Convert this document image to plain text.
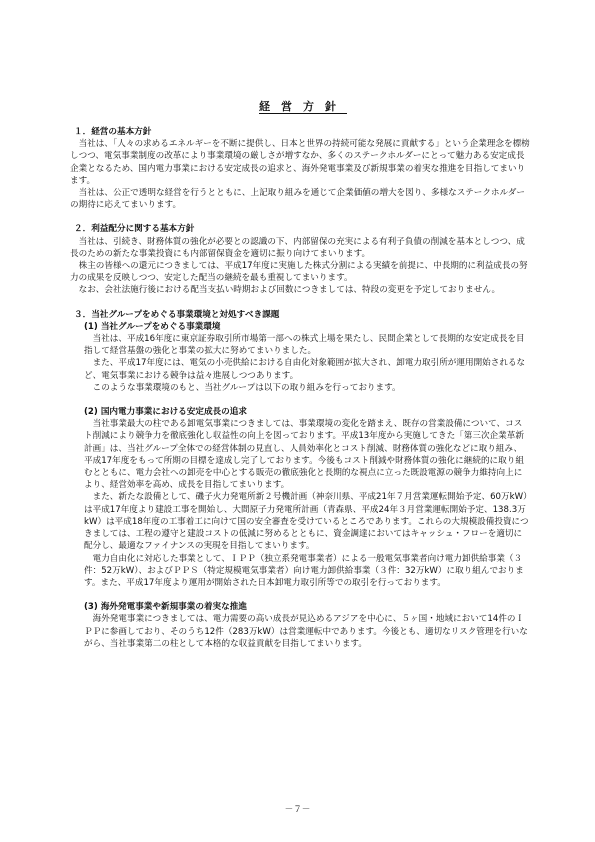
経営方針

１．経営の基本方針

当社は、「人々の求めるエネルギーを不断に提供し、日本と世界の持続可能な発展に貢献する」という企業理念を標榜しつつ、電気事業制度の改革により事業環境の厳しさが増すなか、多くのステークホルダーにとって魅力ある安定成長企業となるため、国内電力事業における安定成長の追求と、海外発電事業及び新規事業の着実な推進を目指してまいります。

当社は、公正で透明な経営を行うとともに、上記取り組みを通じて企業価値の増大を図り、多様なステークホルダーの期待に応えてまいります。

２．利益配分に関する基本方針

当社は、引続き、財務体質の強化が必要との認識の下、内部留保の充実による有利子負債の削減を基本としつつ、成長のための新たな事業投資にも内部留保資金を適切に振り向けてまいります。

株主の皆様への還元につきましては、平成17年度に実施した株式分割による実績を前提に、中長期的に利益成長の努力の成果を反映しつつ、安定した配当の継続を最も重視してまいります。

なお、会社法施行後における配当支払い時期および回数につきましては、特段の変更を予定しておりません。

３．当社グループをめぐる事業環境と対処すべき課題

(1) 当社グループをめぐる事業環境

当社は、平成16年度に東京証券取引所市場第一部への株式上場を果たし、民間企業として長期的な安定成長を目指して経営基盤の強化と事業の拡大に努めてまいりました。

また、平成17年度には、電気の小売供給における自由化対象範囲が拡大され、卸電力取引所が運用開始されるなど、電気事業における競争は益々進展しつつあります。

このような事業環境のもと、当社グループは以下の取り組みを行っております。

(2) 国内電力事業における安定成長の追求

当社事業最大の柱である卸電気事業につきましては、事業環境の変化を踏まえ、既存の営業設備について、コスト削減により競争力を徹底強化し収益性の向上を図っております。平成13年度から実施してきた「第三次企業革新計画」は、当社グループ全体での経営体制の見直し、人員効率化とコスト削減、財務体質の強化などに取り組み、平成17年度をもって所期の目標を達成し完了しております。今後もコスト削減や財務体質の強化に継続的に取り組むとともに、電力会社への卸売を中心とする販売の徹底強化と長期的な視点に立った既設電源の競争力維持向上により、経営効率を高め、成長を目指してまいります。

また、新たな設備として、磯子火力発電所新２号機計画（神奈川県、平成21年７月営業運転開始予定、60万kW）は平成17年度より建設工事を開始し、大間原子力発電所計画（青森県、平成24年３月営業運転開始予定、138.3万kW）は平成18年度の工事着工に向けて国の安全審査を受けているところであります。これらの大規模設備投資につきましては、工程の遵守と建設コストの低減に努めるとともに、資金調達においてはキャッシュ・フローを適切に配分し、最適なファイナンスの実現を目指してまいります。

電力自由化に対応した事業として、ＩＰＰ（独立系発電事業者）による一般電気事業者向け電力卸供給事業（３件：52万kW）、およびＰＰＳ（特定規模電気事業者）向け電力卸供給事業（３件：32万kW）に取り組んでおります。また、平成17年度より運用が開始された日本卸電力取引所等での取引を行っております。

(3) 海外発電事業や新規事業の着実な推進

海外発電事業につきましては、電力需要の高い成長が見込めるアジアを中心に、５ヶ国・地域において14件のＩＰＰに参画しており、そのうち12件（283万kW）は営業運転中であります。今後とも、適切なリスク管理を行いながら、当社事業第二の柱として本格的な収益貢献を目指してまいります。

－７－
